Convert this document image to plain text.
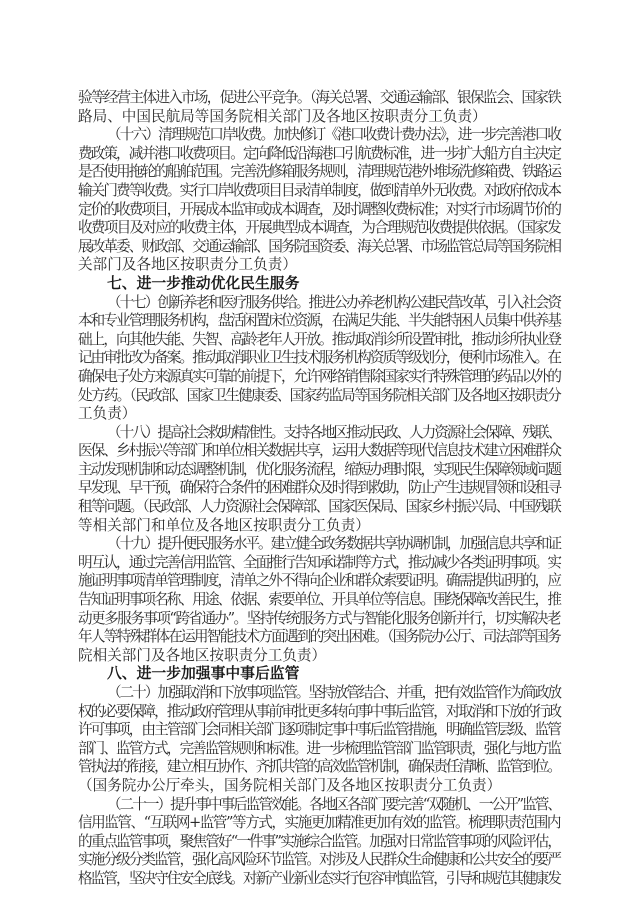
验等经营主体进入市场，促进公平竞争。（海关总署、交通运输部、银保监会、国家铁
路局、中国民航局等国务院相关部门及各地区按职责分工负责）
（十六）清理规范口岸收费。加快修订《港口收费计费办法》，进一步完善港口收
费政策，减并港口收费项目。定向降低沿海港口引航费标准，进一步扩大船方自主决定
是否使用拖轮的船舶范围。完善洗修箱服务规则，清理规范港外堆场洗修箱费、铁路运
输关门费等收费。实行口岸收费项目目录清单制度，做到清单外无收费。对政府依成本
定价的收费项目，开展成本监审或成本调查，及时调整收费标准；对实行市场调节价的
收费项目及对应的收费主体，开展典型成本调查，为合理规范收费提供依据。（国家发
展改革委、财政部、交通运输部、国务院国资委、海关总署、市场监管总局等国务院相
关部门及各地区按职责分工负责）
七、进一步推动优化民生服务
（十七）创新养老和医疗服务供给。推进公办养老机构公建民营改革，引入社会资
本和专业管理服务机构，盘活闲置床位资源，在满足失能、半失能特困人员集中供养基
础上，向其他失能、失智、高龄老年人开放。推动取消诊所设置审批，推动诊所执业登
记由审批改为备案。推动取消职业卫生技术服务机构资质等级划分，便利市场准入。在
确保电子处方来源真实可靠的前提下，允许网络销售除国家实行特殊管理的药品以外的
处方药。（民政部、国家卫生健康委、国家药监局等国务院相关部门及各地区按职责分
工负责）
（十八）提高社会救助精准性。支持各地区推动民政、人力资源社会保障、残联、
医保、乡村振兴等部门和单位相关数据共享，运用大数据等现代信息技术建立困难群众
主动发现机制和动态调整机制，优化服务流程，缩短办理时限，实现民生保障领域问题
早发现、早干预，确保符合条件的困难群众及时得到救助，防止产生违规冒领和设租寻
租等问题。（民政部、人力资源社会保障部、国家医保局、国家乡村振兴局、中国残联
等相关部门和单位及各地区按职责分工负责）
（十九）提升便民服务水平。建立健全政务数据共享协调机制，加强信息共享和证
明互认，通过完善信用监管、全面推行告知承诺制等方式，推动减少各类证明事项。实
施证明事项清单管理制度，清单之外不得向企业和群众索要证明。确需提供证明的，应
告知证明事项名称、用途、依据、索要单位、开具单位等信息。围绕保障改善民生，推
动更多服务事项“跨省通办”。坚持传统服务方式与智能化服务创新并行，切实解决老
年人等特殊群体在运用智能技术方面遇到的突出困难。（国务院办公厅、司法部等国务
院相关部门及各地区按职责分工负责）
八、进一步加强事中事后监管
（二十）加强取消和下放事项监管。坚持放管结合、并重，把有效监管作为简政放
权的必要保障，推动政府管理从事前审批更多转向事中事后监管，对取消和下放的行政
许可事项，由主管部门会同相关部门逐项制定事中事后监管措施，明确监管层级、监管
部门、监管方式，完善监管规则和标准。进一步梳理监管部门监管职责，强化与地方监
管执法的衔接，建立相互协作、齐抓共管的高效监管机制，确保责任清晰、监管到位。
（国务院办公厅牵头，国务院相关部门及各地区按职责分工负责）
（二十一）提升事中事后监管效能。各地区各部门要完善“双随机、一公开”监管、
信用监管、“互联网+监管”等方式，实施更加精准更加有效的监管。梳理职责范围内
的重点监管事项，聚焦管好“一件事”实施综合监管。加强对日常监管事项的风险评估，
实施分级分类监管，强化高风险环节监管。对涉及人民群众生命健康和公共安全的要严
格监管，坚决守住安全底线。对新产业新业态实行包容审慎监管，引导和规范其健康发
